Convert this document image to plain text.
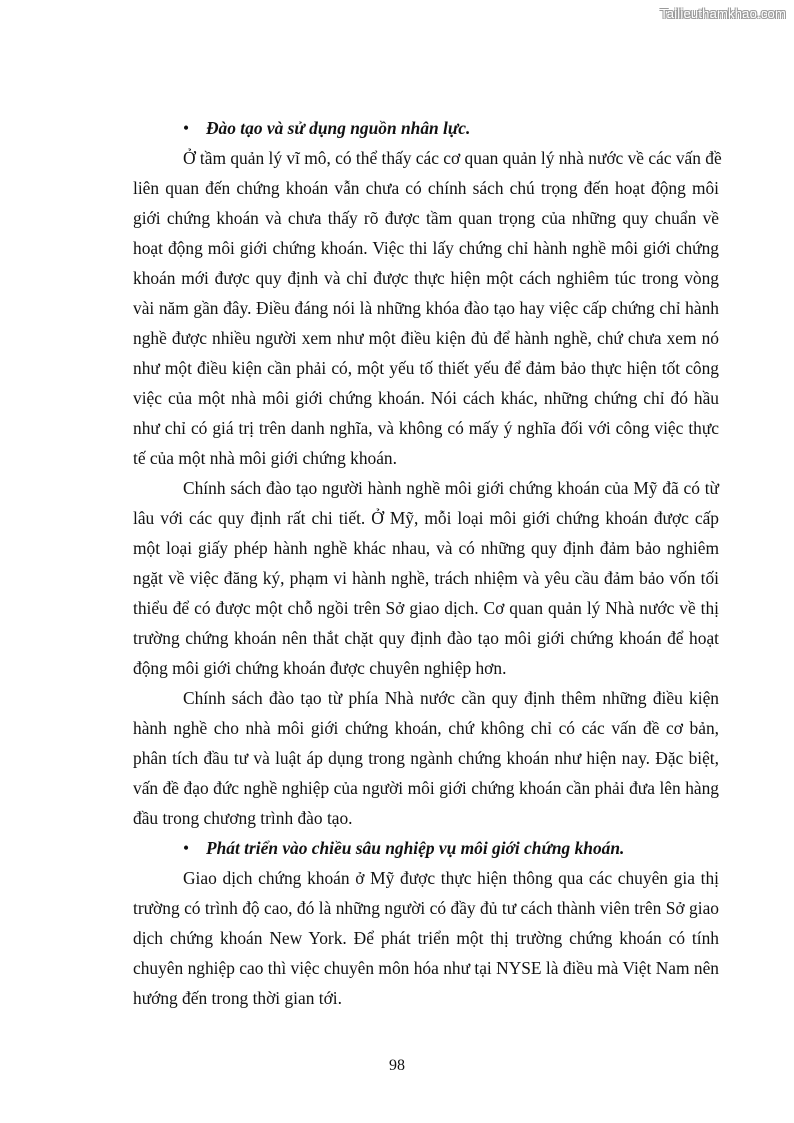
Tailieuthamkhao.com
• Đào tạo và sử dụng nguồn nhân lực.
Ở tầm quản lý vĩ mô, có thể thấy các cơ quan quản lý nhà nước về các vấn đề
liên quan đến chứng khoán vẫn chưa có chính sách chú trọng đến hoạt động môi
giới chứng khoán và chưa thấy rõ được tầm quan trọng của những quy chuẩn về
hoạt động môi giới chứng khoán. Việc thi lấy chứng chỉ hành nghề môi giới chứng
khoán mới được quy định và chỉ được thực hiện một cách nghiêm túc trong vòng
vài năm gần đây. Điều đáng nói là những khóa đào tạo hay việc cấp chứng chỉ hành
nghề được nhiều người xem như một điều kiện đủ để hành nghề, chứ chưa xem nó
như một điều kiện cần phải có, một yếu tố thiết yếu để đảm bảo thực hiện tốt công
việc của một nhà môi giới chứng khoán. Nói cách khác, những chứng chỉ đó hầu
như chỉ có giá trị trên danh nghĩa, và không có mấy ý nghĩa đối với công việc thực
tế của một nhà môi giới chứng khoán.
Chính sách đào tạo người hành nghề môi giới chứng khoán của Mỹ đã có từ
lâu với các quy định rất chi tiết. Ở Mỹ, mỗi loại môi giới chứng khoán được cấp
một loại giấy phép hành nghề khác nhau, và có những quy định đảm bảo nghiêm
ngặt về việc đăng ký, phạm vi hành nghề, trách nhiệm và yêu cầu đảm bảo vốn tối
thiểu để có được một chỗ ngồi trên Sở giao dịch. Cơ quan quản lý Nhà nước về thị
trường chứng khoán nên thắt chặt quy định đào tạo môi giới chứng khoán để hoạt
động môi giới chứng khoán được chuyên nghiệp hơn.
Chính sách đào tạo từ phía Nhà nước cần quy định thêm những điều kiện
hành nghề cho nhà môi giới chứng khoán, chứ không chỉ có các vấn đề cơ bản,
phân tích đầu tư và luật áp dụng trong ngành chứng khoán như hiện nay. Đặc biệt,
vấn đề đạo đức nghề nghiệp của người môi giới chứng khoán cần phải đưa lên hàng
đầu trong chương trình đào tạo.
• Phát triển vào chiều sâu nghiệp vụ môi giới chứng khoán.
Giao dịch chứng khoán ở Mỹ được thực hiện thông qua các chuyên gia thị
trường có trình độ cao, đó là những người có đầy đủ tư cách thành viên trên Sở giao
dịch chứng khoán New York. Để phát triển một thị trường chứng khoán có tính
chuyên nghiệp cao thì việc chuyên môn hóa như tại NYSE là điều mà Việt Nam nên
hướng đến trong thời gian tới.
98
